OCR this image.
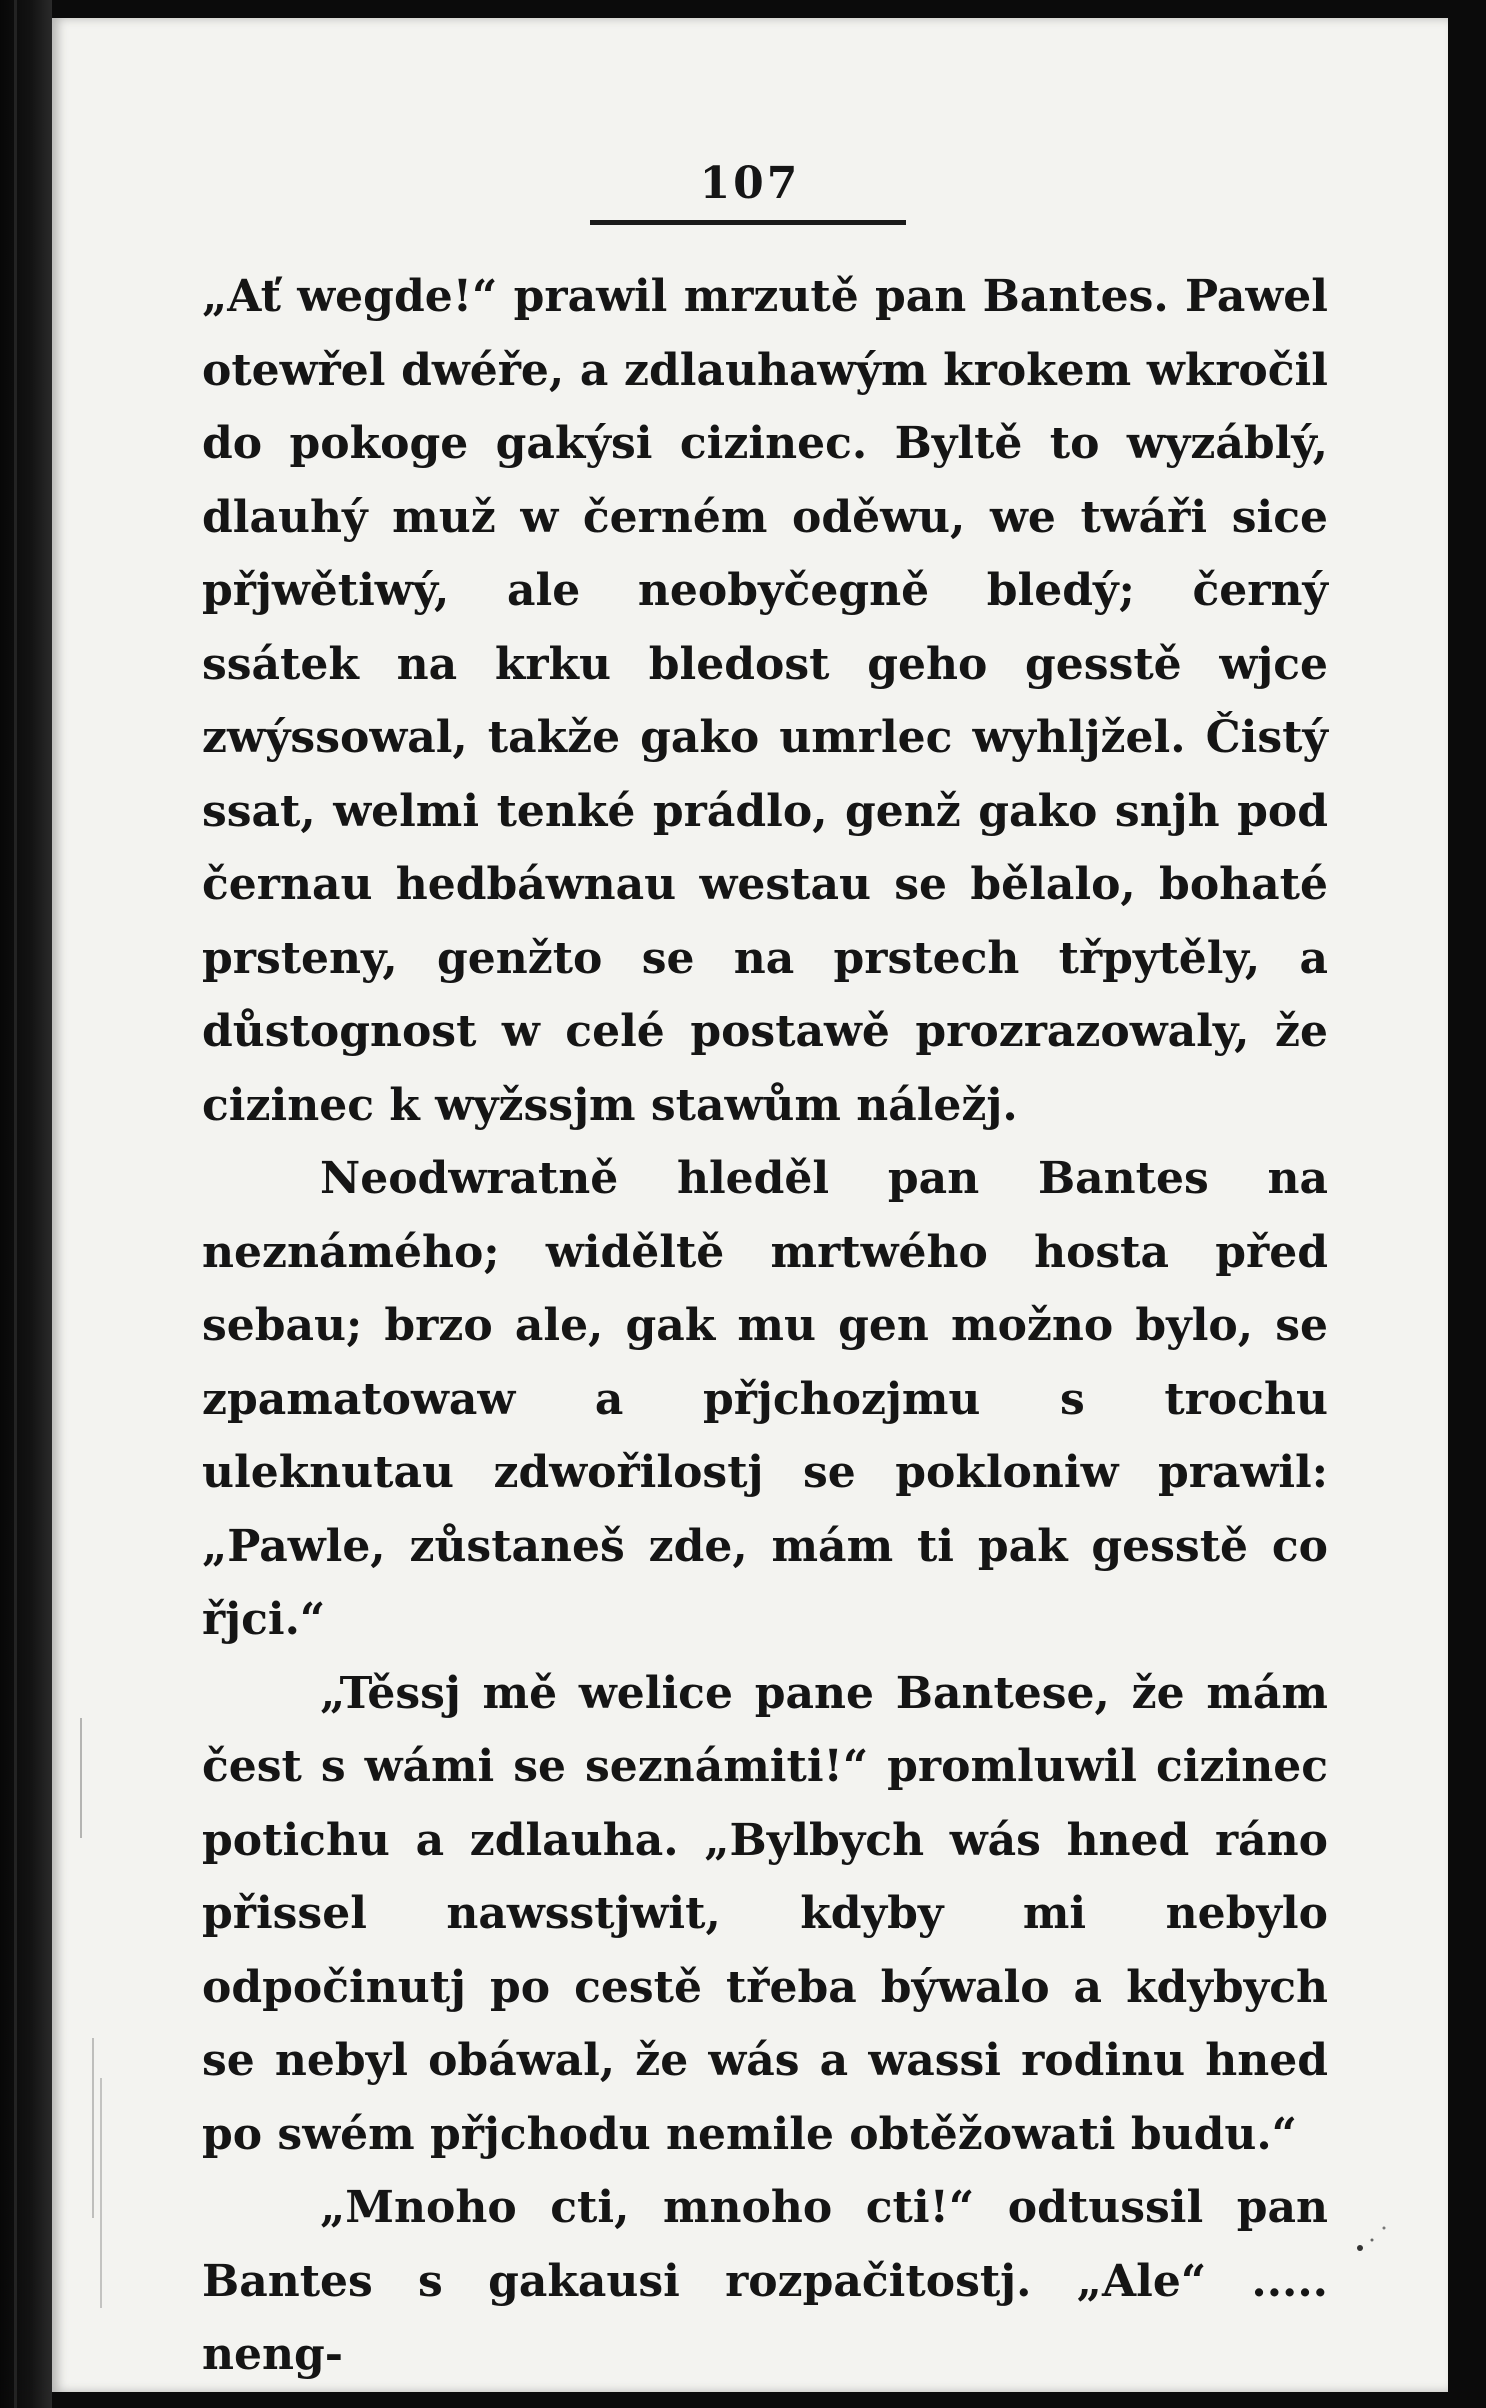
107

„Ať wegde!“ prawil mrzutě pan Bantes. Pawel otewřel dwéře, a zdlauhawým krokem wkročil do pokoge gakýsi cizinec. Byltě to wyzáblý, dlauhý muž w černém oděwu, we twáři sice přjwětiwý, ale neobyčegně bledý; černý ssátek na krku bledost geho gesstě wjce zwýssowal, takže gako umrlec wyhljžel. Čistý ssat, welmi tenké prádlo, genž gako snjh pod černau hedbáwnau westau se bělalo, bohaté prsteny, genžto se na prstech třpytěly, a důstognost w celé postawě prozrazowaly, že cizinec k wyžssjm stawům náležj.

Neodwratně hleděl pan Bantes na neznámého; widěltě mrtwého hosta před sebau; brzo ale, gak mu gen možno bylo, se zpamatowaw a přjchozjmu s trochu uleknutau zdwořilostj se pokloniw prawil: „Pawle, zůstaneš zde, mám ti pak gesstě co řjci.“

„Těssj mě welice pane Bantese, že mám čest s wámi se seznámiti!“ promluwil cizinec potichu a zdlauha. „Bylbych wás hned ráno přissel nawsstjwit, kdyby mi nebylo odpočinutj po cestě třeba býwalo a kdybych se nebyl obáwal, že wás a wassi rodinu hned po swém přjchodu nemile obtěžowati budu.“

„Mnoho cti, mnoho cti!“ odtussil pan Bantes s gakausi rozpačitostj. „Ale“ ..... neng-
